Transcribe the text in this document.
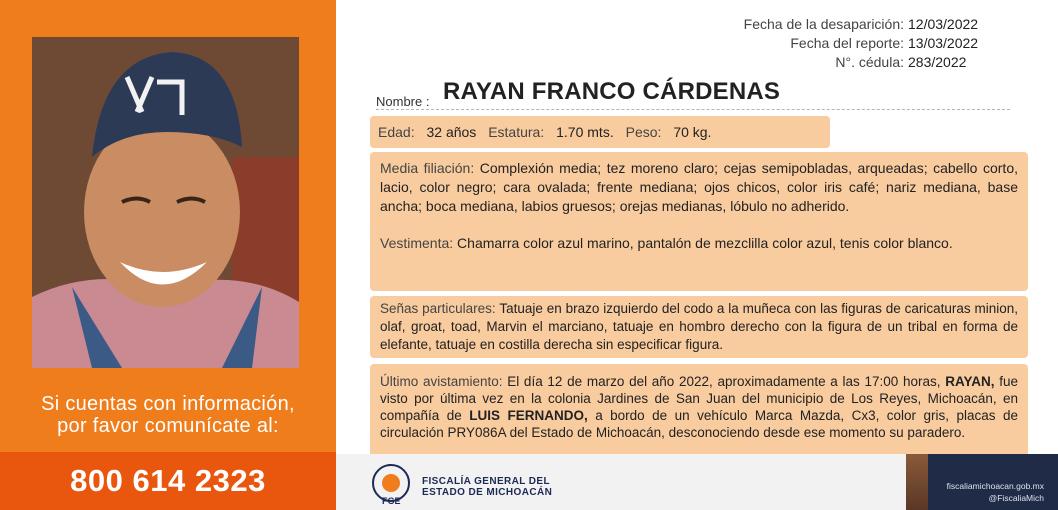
Si cuentas con información,
por favor comunícate al:
800 614 2323
Fecha de la desaparición: 12/03/2022
Fecha del reporte: 13/03/2022
N°. cédula: 283/2022
Nombre : RAYAN FRANCO CÁRDENAS
Edad: 32 años Estatura: 1.70 mts. Peso: 70 kg.

Media filiación: Complexión media; tez moreno claro; cejas semipobladas, arqueadas; cabello corto, lacio, color negro; cara ovalada; frente mediana; ojos chicos, color iris café; nariz mediana, base ancha; boca mediana, labios gruesos; orejas medianas, lóbulo no adherido.

Vestimenta: Chamarra color azul marino, pantalón de mezclilla color azul, tenis color blanco.

Señas particulares: Tatuaje en brazo izquierdo del codo a la muñeca con las figuras de caricaturas minion, olaf, groat, toad, Marvin el marciano, tatuaje en hombro derecho con la figura de un tribal en forma de elefante, tatuaje en costilla derecha sin especificar figura.
Último avistamiento: El día 12 de marzo del año 2022, aproximadamente a las 17:00 horas, RAYAN, fue visto por última vez en la colonia Jardines de San Juan del municipio de Los Reyes, Michoacán, en compañía de LUIS FERNANDO, a bordo de un vehículo Marca Mazda, Cx3, color gris, placas de circulación PRY086A del Estado de Michoacán, desconociendo desde ese momento su paradero.
FGE
FISCALÍA GENERAL DEL
ESTADO DE MICHOACÁN
fiscaliamichoacan.gob.mx
@FiscaliaMich
